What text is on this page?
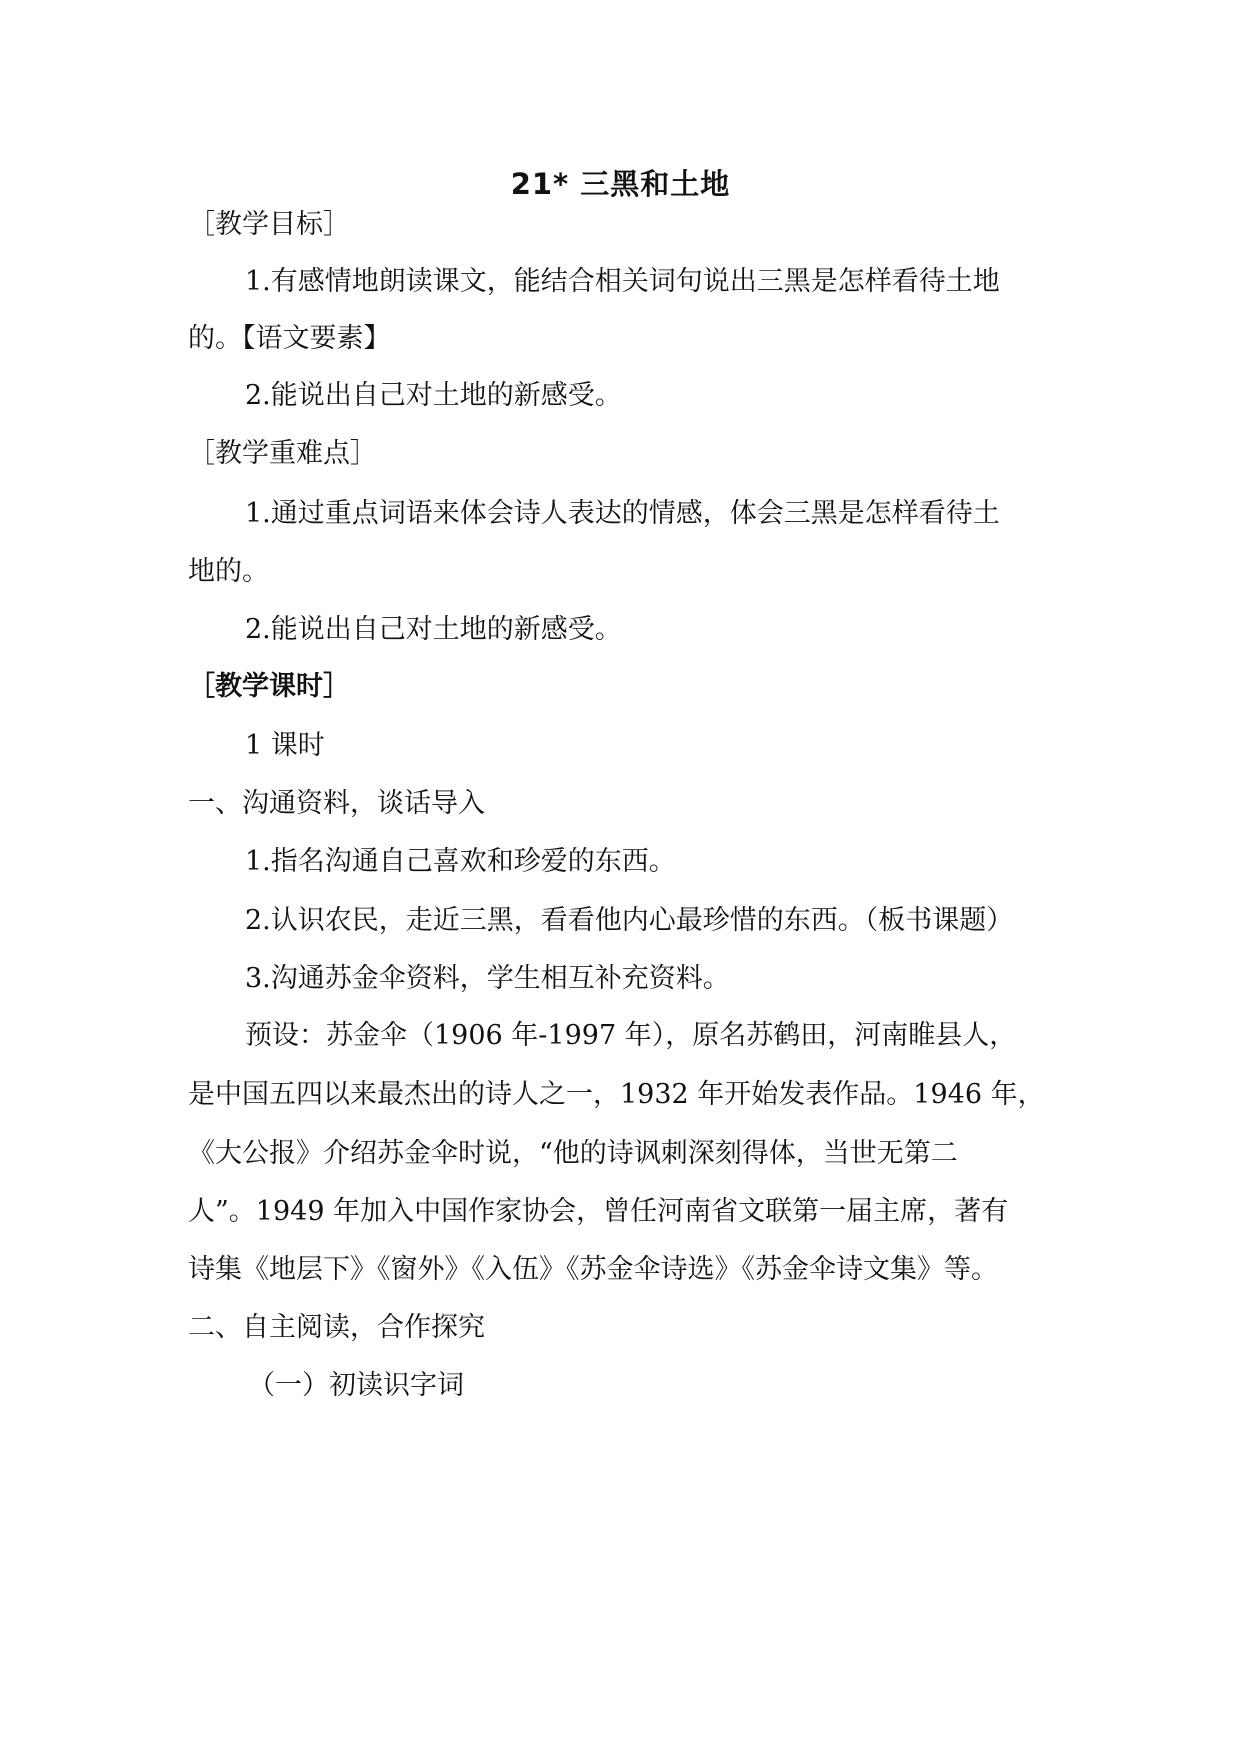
21* 三黑和土地
［教学目标］
1.有感情地朗读课文，能结合相关词句说出三黑是怎样看待土地
的。【语文要素】
2.能说出自己对土地的新感受。
［教学重难点］
1.通过重点词语来体会诗人表达的情感，体会三黑是怎样看待土
地的。
2.能说出自己对土地的新感受。
［教学课时］
1 课时
一、沟通资料，谈话导入
1.指名沟通自己喜欢和珍爱的东西。
2.认识农民，走近三黑，看看他内心最珍惜的东西。（板书课题）
3.沟通苏金伞资料，学生相互补充资料。
预设：苏金伞（1906 年-1997 年），原名苏鹤田，河南睢县人，
是中国五四以来最杰出的诗人之一，1932 年开始发表作品。1946 年，
《大公报》介绍苏金伞时说，“他的诗讽刺深刻得体，当世无第二
人”。1949 年加入中国作家协会，曾任河南省文联第一届主席，著有
诗集《地层下》《窗外》《入伍》《苏金伞诗选》《苏金伞诗文集》等。
二、自主阅读，合作探究
（一）初读识字词
